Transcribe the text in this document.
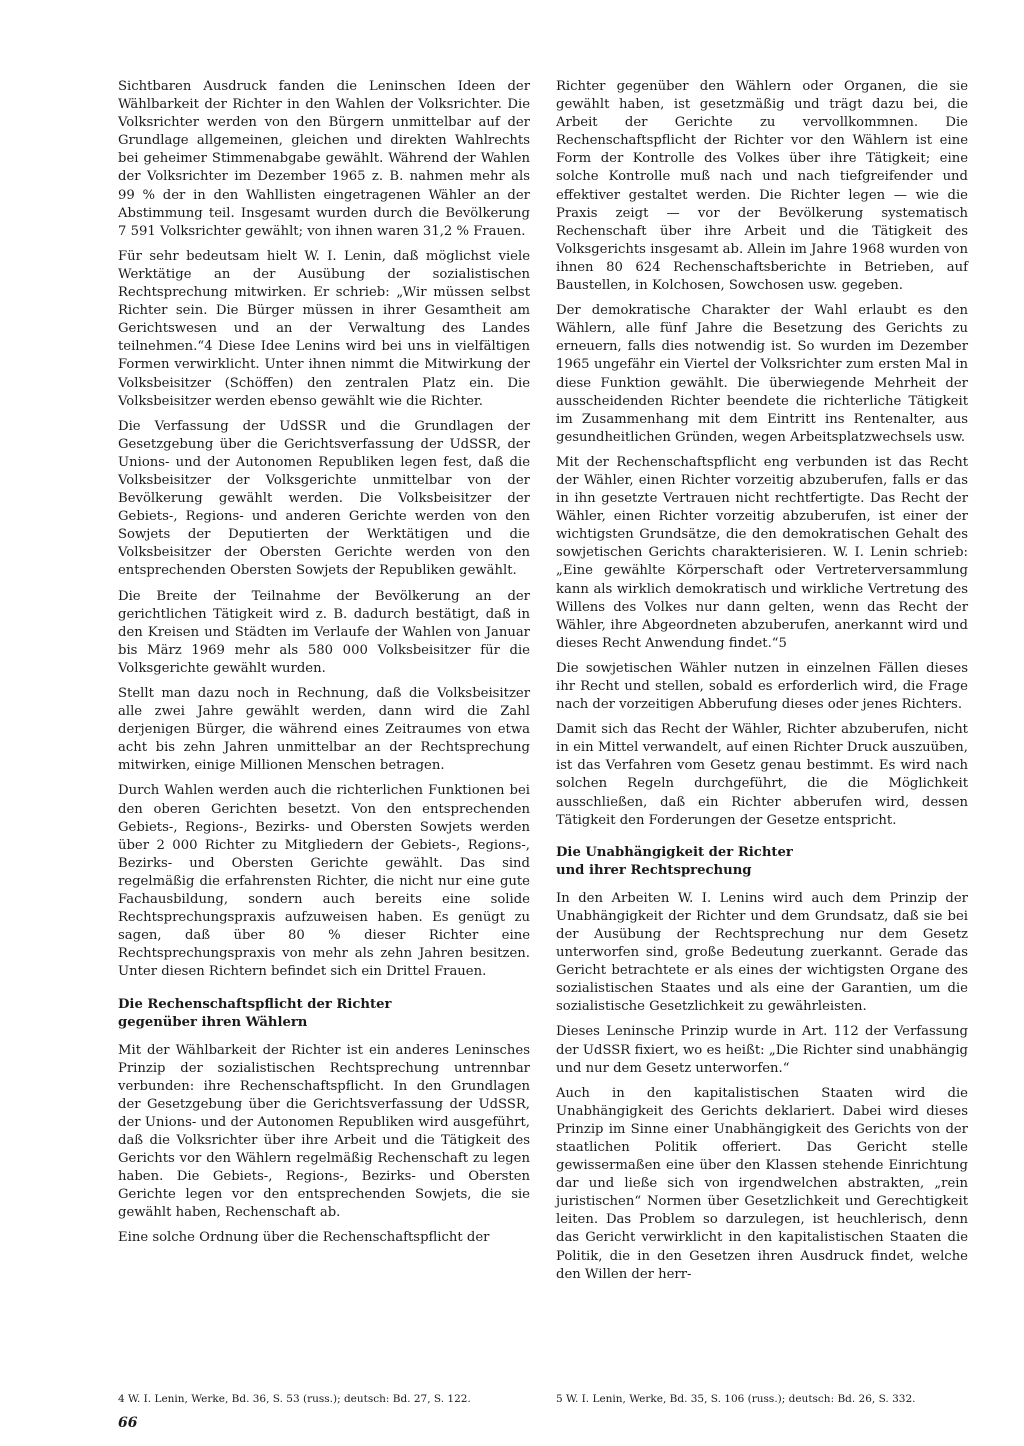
Sichtbaren Ausdruck fanden die Leninschen Ideen der Wählbarkeit der Richter in den Wahlen der Volksrichter. Die Volksrichter werden von den Bürgern unmittelbar auf der Grundlage allgemeinen, gleichen und direkten Wahlrechts bei geheimer Stimmenabgabe gewählt. Während der Wahlen der Volksrichter im Dezember 1965 z. B. nahmen mehr als 99 % der in den Wahllisten eingetragenen Wähler an der Abstimmung teil. Insgesamt wurden durch die Bevölkerung 7 591 Volksrichter gewählt; von ihnen waren 31,2 % Frauen.

Für sehr bedeutsam hielt W. I. Lenin, daß möglichst viele Werktätige an der Ausübung der sozialistischen Rechtsprechung mitwirken. Er schrieb: „Wir müssen selbst Richter sein. Die Bürger müssen in ihrer Gesamtheit am Gerichtswesen und an der Verwaltung des Landes teilnehmen.“4 Diese Idee Lenins wird bei uns in vielfältigen Formen verwirklicht. Unter ihnen nimmt die Mitwirkung der Volksbeisitzer (Schöffen) den zentralen Platz ein. Die Volksbeisitzer werden ebenso gewählt wie die Richter.

Die Verfassung der UdSSR und die Grundlagen der Gesetzgebung über die Gerichtsverfassung der UdSSR, der Unions- und der Autonomen Republiken legen fest, daß die Volksbeisitzer der Volksgerichte unmittelbar von der Bevölkerung gewählt werden. Die Volksbeisitzer der Gebiets-, Regions- und anderen Gerichte werden von den Sowjets der Deputierten der Werktätigen und die Volksbeisitzer der Obersten Gerichte werden von den entsprechenden Obersten Sowjets der Republiken gewählt.

Die Breite der Teilnahme der Bevölkerung an der gerichtlichen Tätigkeit wird z. B. dadurch bestätigt, daß in den Kreisen und Städten im Verlaufe der Wahlen von Januar bis März 1969 mehr als 580 000 Volksbeisitzer für die Volksgerichte gewählt wurden.

Stellt man dazu noch in Rechnung, daß die Volksbeisitzer alle zwei Jahre gewählt werden, dann wird die Zahl derjenigen Bürger, die während eines Zeitraumes von etwa acht bis zehn Jahren unmittelbar an der Rechtsprechung mitwirken, einige Millionen Menschen betragen.

Durch Wahlen werden auch die richterlichen Funktionen bei den oberen Gerichten besetzt. Von den entsprechenden Gebiets-, Regions-, Bezirks- und Obersten Sowjets werden über 2 000 Richter zu Mitgliedern der Gebiets-, Regions-, Bezirks- und Obersten Gerichte gewählt. Das sind regelmäßig die erfahrensten Richter, die nicht nur eine gute Fachausbildung, sondern auch bereits eine solide Rechtsprechungspraxis aufzuweisen haben. Es genügt zu sagen, daß über 80 % dieser Richter eine Rechtsprechungspraxis von mehr als zehn Jahren besitzen. Unter diesen Richtern befindet sich ein Drittel Frauen.

Die Rechenschaftspflicht der Richter
gegenüber ihren Wählern

Mit der Wählbarkeit der Richter ist ein anderes Leninsches Prinzip der sozialistischen Rechtsprechung untrennbar verbunden: ihre Rechenschaftspflicht. In den Grundlagen der Gesetzgebung über die Gerichtsverfassung der UdSSR, der Unions- und der Autonomen Republiken wird ausgeführt, daß die Volksrichter über ihre Arbeit und die Tätigkeit des Gerichts vor den Wählern regelmäßig Rechenschaft zu legen haben. Die Gebiets-, Regions-, Bezirks- und Obersten Gerichte legen vor den entsprechenden Sowjets, die sie gewählt haben, Rechenschaft ab.

Eine solche Ordnung über die Rechenschaftspflicht der

Richter gegenüber den Wählern oder Organen, die sie gewählt haben, ist gesetzmäßig und trägt dazu bei, die Arbeit der Gerichte zu vervollkommnen. Die Rechenschaftspflicht der Richter vor den Wählern ist eine Form der Kontrolle des Volkes über ihre Tätigkeit; eine solche Kontrolle muß nach und nach tiefgreifender und effektiver gestaltet werden. Die Richter legen — wie die Praxis zeigt — vor der Bevölkerung systematisch Rechenschaft über ihre Arbeit und die Tätigkeit des Volksgerichts insgesamt ab. Allein im Jahre 1968 wurden von ihnen 80 624 Rechenschaftsberichte in Betrieben, auf Baustellen, in Kolchosen, Sowchosen usw. gegeben.

Der demokratische Charakter der Wahl erlaubt es den Wählern, alle fünf Jahre die Besetzung des Gerichts zu erneuern, falls dies notwendig ist. So wurden im Dezember 1965 ungefähr ein Viertel der Volksrichter zum ersten Mal in diese Funktion gewählt. Die überwiegende Mehrheit der ausscheidenden Richter beendete die richterliche Tätigkeit im Zusammenhang mit dem Eintritt ins Rentenalter, aus gesundheitlichen Gründen, wegen Arbeitsplatzwechsels usw.

Mit der Rechenschaftspflicht eng verbunden ist das Recht der Wähler, einen Richter vorzeitig abzuberufen, falls er das in ihn gesetzte Vertrauen nicht rechtfertigte. Das Recht der Wähler, einen Richter vorzeitig abzuberufen, ist einer der wichtigsten Grundsätze, die den demokratischen Gehalt des sowjetischen Gerichts charakterisieren. W. I. Lenin schrieb: „Eine gewählte Körperschaft oder Vertreterversammlung kann als wirklich demokratisch und wirkliche Vertretung des Willens des Volkes nur dann gelten, wenn das Recht der Wähler, ihre Abgeordneten abzuberufen, anerkannt wird und dieses Recht Anwendung findet.“5

Die sowjetischen Wähler nutzen in einzelnen Fällen dieses ihr Recht und stellen, sobald es erforderlich wird, die Frage nach der vorzeitigen Abberufung dieses oder jenes Richters.

Damit sich das Recht der Wähler, Richter abzuberufen, nicht in ein Mittel verwandelt, auf einen Richter Druck auszuüben, ist das Verfahren vom Gesetz genau bestimmt. Es wird nach solchen Regeln durchgeführt, die die Möglichkeit ausschließen, daß ein Richter abberufen wird, dessen Tätigkeit den Forderungen der Gesetze entspricht.

Die Unabhängigkeit der Richter
und ihrer Rechtsprechung

In den Arbeiten W. I. Lenins wird auch dem Prinzip der Unabhängigkeit der Richter und dem Grundsatz, daß sie bei der Ausübung der Rechtsprechung nur dem Gesetz unterworfen sind, große Bedeutung zuerkannt. Gerade das Gericht betrachtete er als eines der wichtigsten Organe des sozialistischen Staates und als eine der Garantien, um die sozialistische Gesetzlichkeit zu gewährleisten.

Dieses Leninsche Prinzip wurde in Art. 112 der Verfassung der UdSSR fixiert, wo es heißt: „Die Richter sind unabhängig und nur dem Gesetz unterworfen.“

Auch in den kapitalistischen Staaten wird die Unabhängigkeit des Gerichts deklariert. Dabei wird dieses Prinzip im Sinne einer Unabhängigkeit des Gerichts von der staatlichen Politik offeriert. Das Gericht stelle gewissermaßen eine über den Klassen stehende Einrichtung dar und ließe sich von irgendwelchen abstrakten, „rein juristischen“ Normen über Gesetzlichkeit und Gerechtigkeit leiten. Das Problem so darzulegen, ist heuchlerisch, denn das Gericht verwirklicht in den kapitalistischen Staaten die Politik, die in den Gesetzen ihren Ausdruck findet, welche den Willen der herr-

4 W. I. Lenin, Werke, Bd. 36, S. 53 (russ.); deutsch: Bd. 27, S. 122.	5 W. I. Lenin, Werke, Bd. 35, S. 106 (russ.); deutsch: Bd. 26, S. 332.
66
